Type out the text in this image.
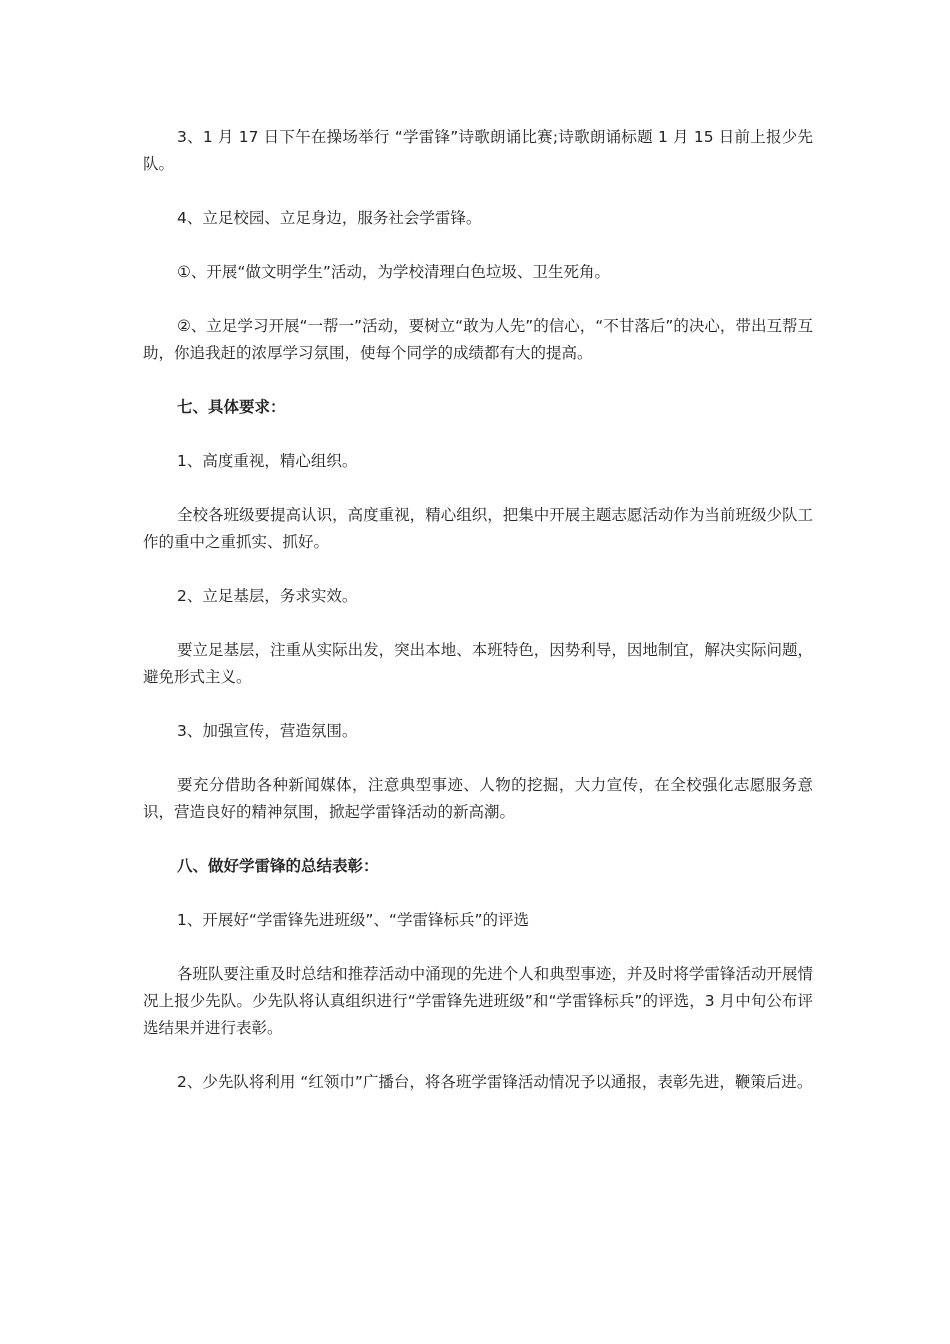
3、1 月 17 日下午在操场举行 “学雷锋”诗歌朗诵比赛;诗歌朗诵标题 1 月 15 日前上报少先队。

4、立足校园、立足身边，服务社会学雷锋。

①、开展“做文明学生”活动，为学校清理白色垃圾、卫生死角。

②、立足学习开展“一帮一”活动，要树立“敢为人先”的信心，“不甘落后”的决心，带出互帮互助，你追我赶的浓厚学习氛围，使每个同学的成绩都有大的提高。

七、具体要求：

1、高度重视，精心组织。

全校各班级要提高认识，高度重视，精心组织，把集中开展主题志愿活动作为当前班级少队工作的重中之重抓实、抓好。

2、立足基层，务求实效。

要立足基层，注重从实际出发，突出本地、本班特色，因势利导，因地制宜，解决实际问题，避免形式主义。

3、加强宣传，营造氛围。

要充分借助各种新闻媒体，注意典型事迹、人物的挖掘，大力宣传，在全校强化志愿服务意识，营造良好的精神氛围，掀起学雷锋活动的新高潮。

八、做好学雷锋的总结表彰：

1、开展好“学雷锋先进班级”、“学雷锋标兵”的评选

各班队要注重及时总结和推荐活动中涌现的先进个人和典型事迹，并及时将学雷锋活动开展情况上报少先队。少先队将认真组织进行“学雷锋先进班级”和“学雷锋标兵”的评选，3 月中旬公布评选结果并进行表彰。

2、少先队将利用 “红领巾”广播台，将各班学雷锋活动情况予以通报，表彰先进，鞭策后进。
